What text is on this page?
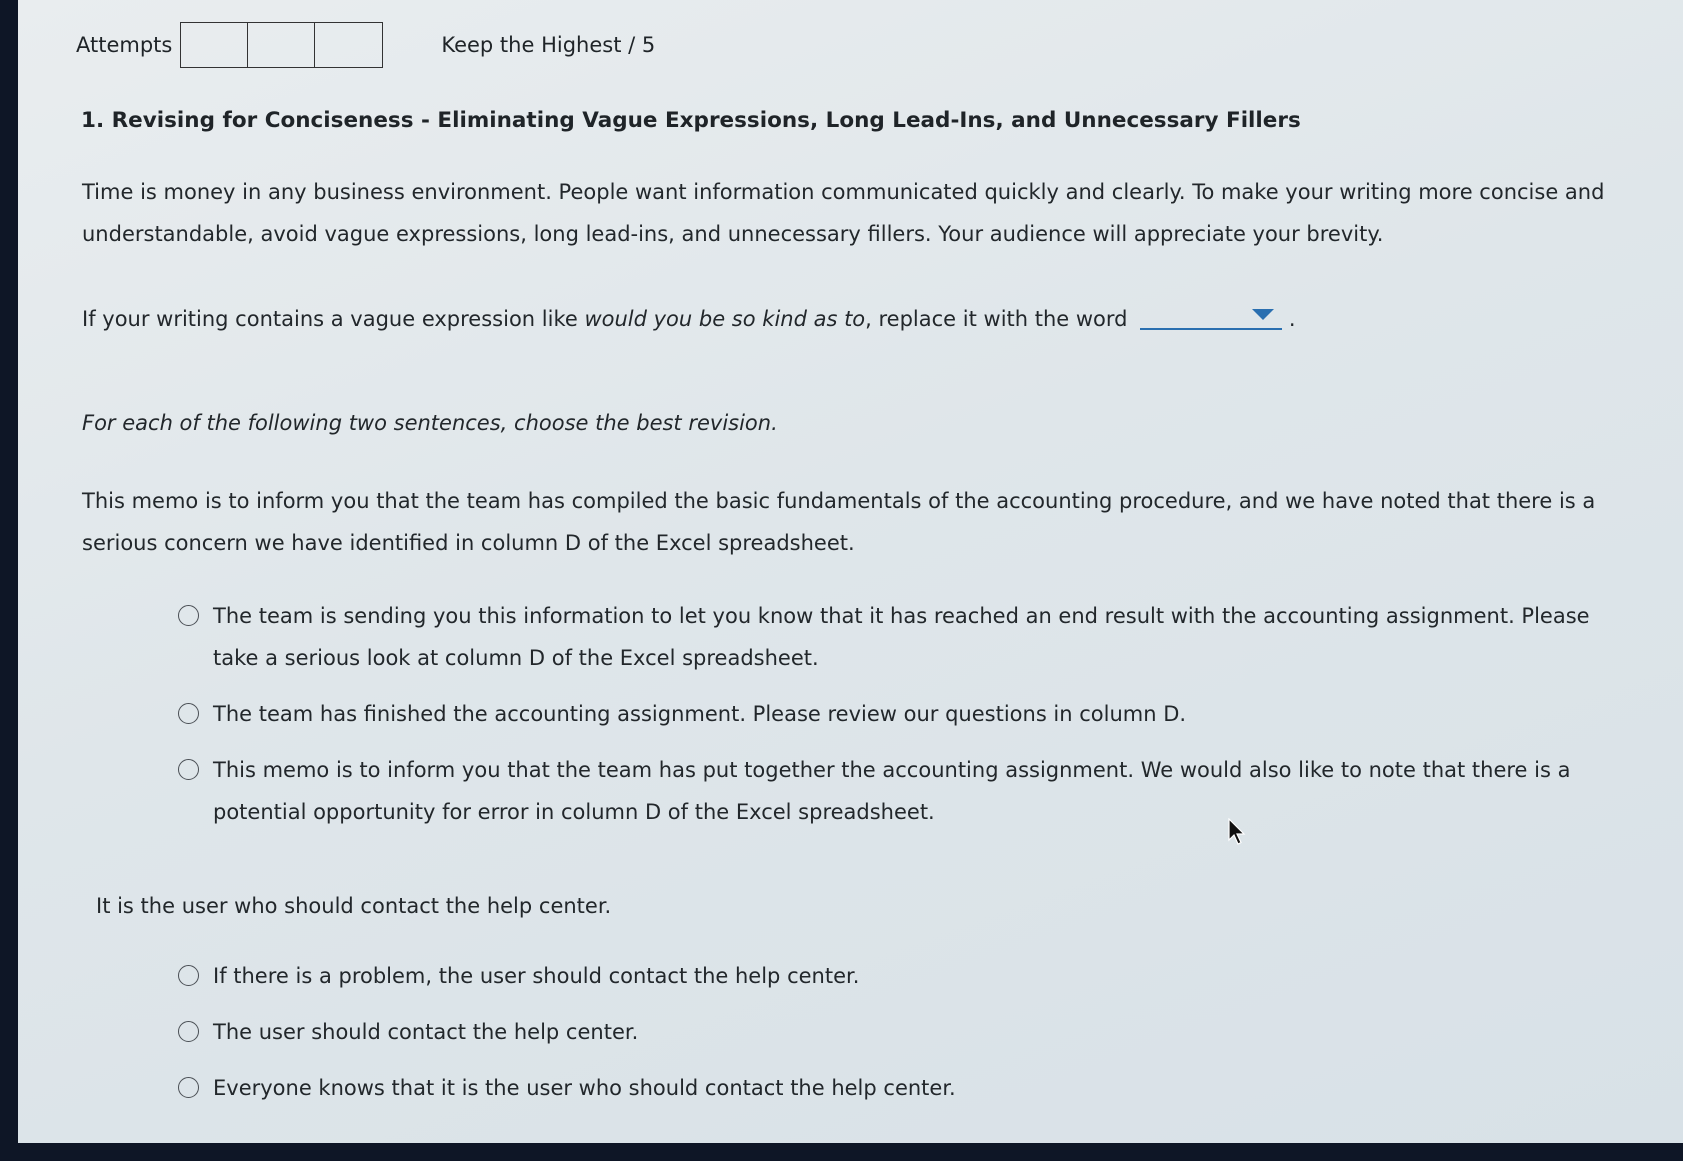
Attempts	Keep the Highest / 5
1. Revising for Conciseness - Eliminating Vague Expressions, Long Lead-Ins, and Unnecessary Fillers
Time is money in any business environment. People want information communicated quickly and clearly. To make your writing more concise and understandable, avoid vague expressions, long lead-ins, and unnecessary fillers. Your audience will appreciate your brevity.
If your writing contains a vague expression like would you be so kind as to, replace it with the word	.
For each of the following two sentences, choose the best revision.
This memo is to inform you that the team has compiled the basic fundamentals of the accounting procedure, and we have noted that there is a serious concern we have identified in column D of the Excel spreadsheet.
The team is sending you this information to let you know that it has reached an end result with the accounting assignment. Please take a serious look at column D of the Excel spreadsheet.
The team has finished the accounting assignment. Please review our questions in column D.
This memo is to inform you that the team has put together the accounting assignment. We would also like to note that there is a potential opportunity for error in column D of the Excel spreadsheet.
It is the user who should contact the help center.
If there is a problem, the user should contact the help center.
The user should contact the help center.
Everyone knows that it is the user who should contact the help center.
